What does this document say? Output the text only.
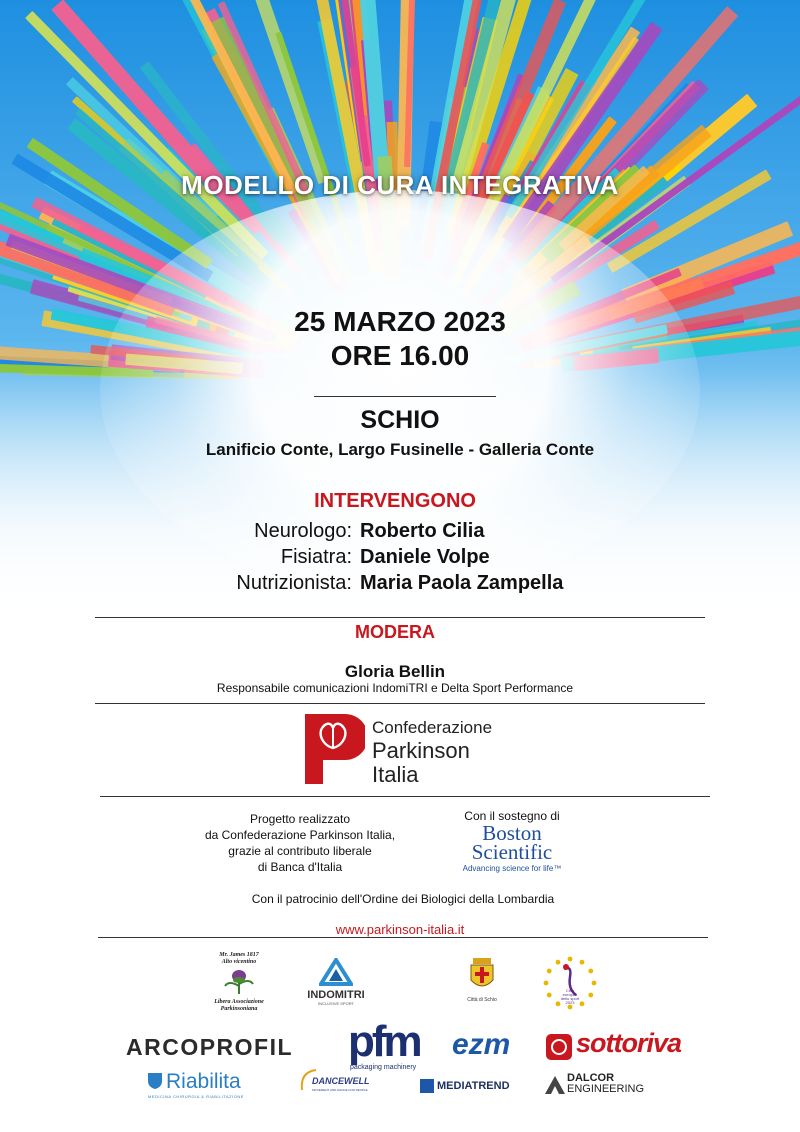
MODELLO DI CURA INTEGRATIVA
25 MARZO 2023
ORE 16.00
SCHIO
Lanificio Conte, Largo Fusinelle - Galleria Conte
INTERVENGONO
Neurologo: Roberto Cilia
Fisiatra: Daniele Volpe
Nutrizionista: Maria Paola Zampella
MODERA
Gloria Bellin
Responsabile comunicazioni IndomiTRI e Delta Sport Performance
Confederazione
Parkinson
Italia
Progetto realizzato
da Confederazione Parkinson Italia,
grazie al contributo liberale
di Banca d'Italia
Con il sostegno di
Boston
Scientific
Advancing science for life™
Con il patrocinio dell'Ordine dei Biologici della Lombardia
www.parkinson-italia.it
Mr. James 1817
Alto vicentino
Libera Associazione
Parkinsoniana
INDOMITRI
INCLUSIVE SPORT
Città di Schio
Città
europea
dello sport
2023
ARCOPROFIL pfm
packaging machinery
ezm sottoriva
Riabilita
MEDICINA CHIRURGIA & RIABILITAZIONE
DANCEWELL
MOVEMENT AND DANCE FOR PEOPLE	MEDIATREND
DALCOR
ENGINEERING
